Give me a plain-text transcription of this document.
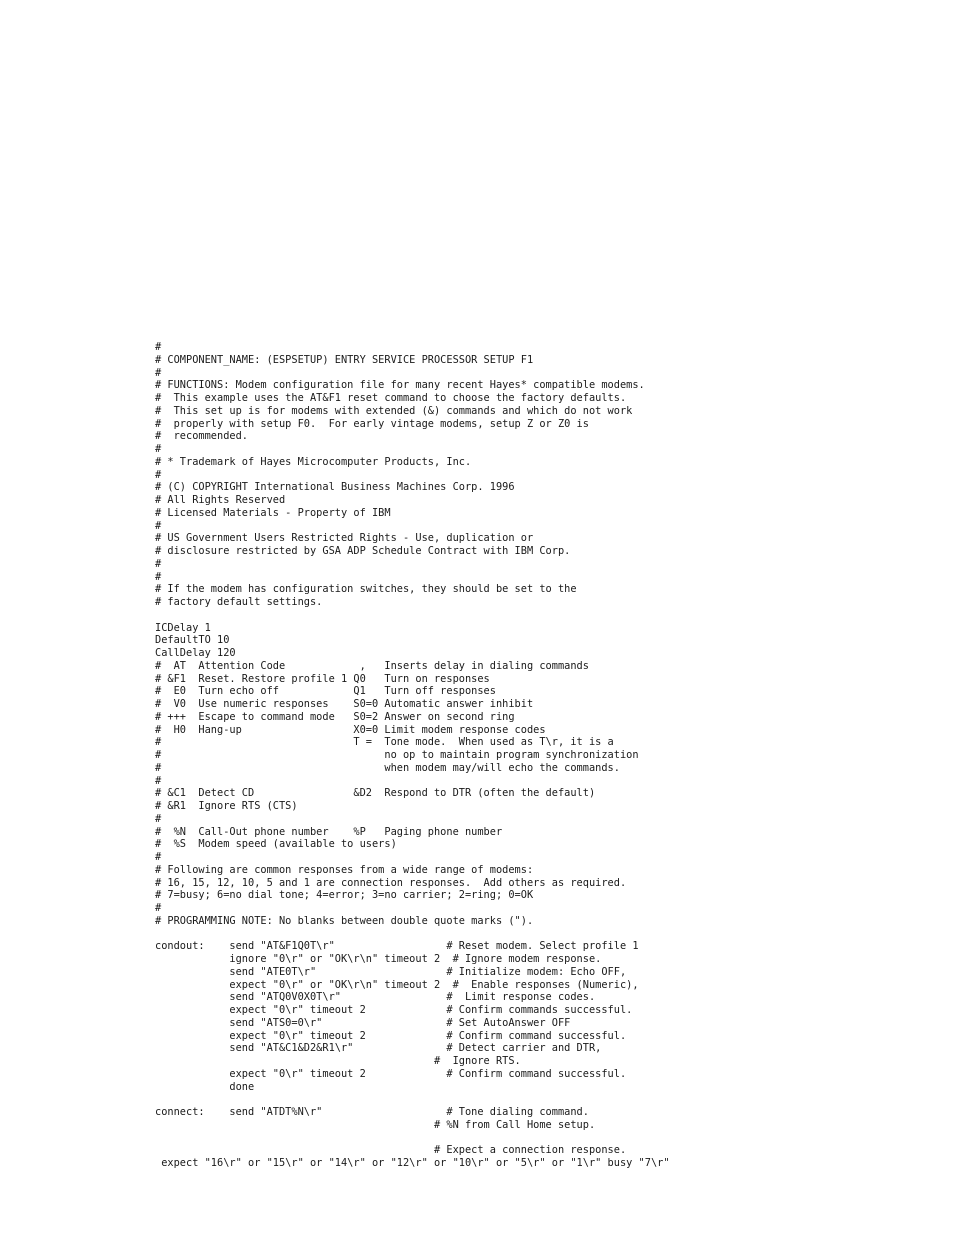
#
# COMPONENT_NAME: (ESPSETUP) ENTRY SERVICE PROCESSOR SETUP F1
#
# FUNCTIONS: Modem configuration file for many recent Hayes* compatible modems.
#  This example uses the AT&F1 reset command to choose the factory defaults.
#  This set up is for modems with extended (&) commands and which do not work
#  properly with setup F0.  For early vintage modems, setup Z or Z0 is
#  recommended.
#
# * Trademark of Hayes Microcomputer Products, Inc.
#
# (C) COPYRIGHT International Business Machines Corp. 1996
# All Rights Reserved
# Licensed Materials - Property of IBM
#
# US Government Users Restricted Rights - Use, duplication or
# disclosure restricted by GSA ADP Schedule Contract with IBM Corp.
#
#
# If the modem has configuration switches, they should be set to the
# factory default settings.
ICDelay 1
DefaultTO 10
CallDelay 120
#  AT  Attention Code            ,   Inserts delay in dialing commands
# &F1  Reset. Restore profile 1 Q0   Turn on responses
#  E0  Turn echo off            Q1   Turn off responses
#  V0  Use numeric responses    S0=0 Automatic answer inhibit
# +++  Escape to command mode   S0=2 Answer on second ring
#  H0  Hang-up                  X0=0 Limit modem response codes
#                               T =  Tone mode.  When used as T\r, it is a
#                                    no op to maintain program synchronization
#                                    when modem may/will echo the commands.
#
# &C1  Detect CD                &D2  Respond to DTR (often the default)
# &R1  Ignore RTS (CTS)
#
#  %N  Call-Out phone number    %P   Paging phone number
#  %S  Modem speed (available to users)
#
# Following are common responses from a wide range of modems:
# 16, 15, 12, 10, 5 and 1 are connection responses.  Add others as required.
# 7=busy; 6=no dial tone; 4=error; 3=no carrier; 2=ring; 0=OK
#
# PROGRAMMING NOTE: No blanks between double quote marks (").
condout:    send "AT&F1Q0T\r"                  # Reset modem. Select profile 1
ignore "0\r" or "OK\r\n" timeout 2  # Ignore modem response.
send "ATE0T\r"                     # Initialize modem: Echo OFF,
expect "0\r" or "OK\r\n" timeout 2  #  Enable responses (Numeric),
send "ATQ0V0X0T\r"                 #  Limit response codes.
expect "0\r" timeout 2             # Confirm commands successful.
send "ATS0=0\r"                    # Set AutoAnswer OFF
expect "0\r" timeout 2             # Confirm command successful.
send "AT&C1&D2&R1\r"               # Detect carrier and DTR,
#  Ignore RTS.
expect "0\r" timeout 2             # Confirm command successful.
done
connect:    send "ATDT%N\r"                    # Tone dialing command.
# %N from Call Home setup.
# Expect a connection response.
expect "16\r" or "15\r" or "14\r" or "12\r" or "10\r" or "5\r" or "1\r" busy "7\r"
